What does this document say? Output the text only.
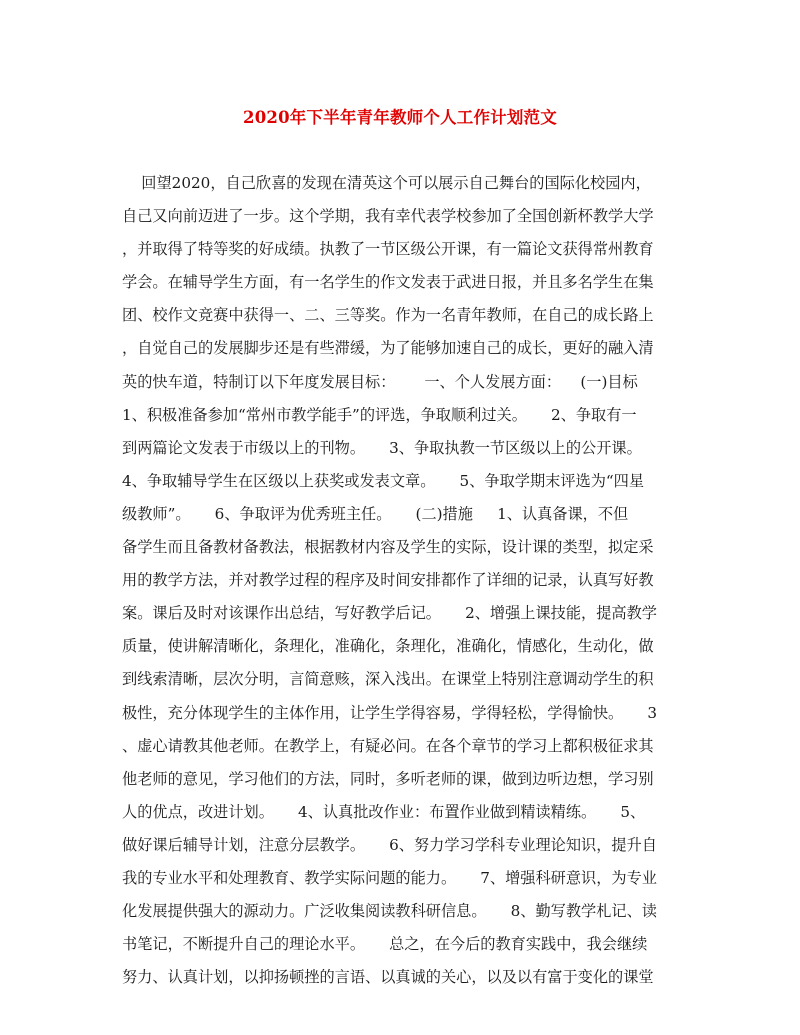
2020年下半年青年教师个人工作计划范文
回望2020，自己欣喜的发现在清英这个可以展示自己舞台的国际化校园内，
自己又向前迈进了一步。这个学期，我有幸代表学校参加了全国创新杯教学大学
，并取得了特等奖的好成绩。执教了一节区级公开课，有一篇论文获得常州教育
学会。在辅导学生方面，有一名学生的作文发表于武进日报，并且多名学生在集
团、校作文竞赛中获得一、二、三等奖。作为一名青年教师，在自己的成长路上
，自觉自己的发展脚步还是有些滞缓，为了能够加速自己的成长，更好的融入清
英的快车道，特制订以下年度发展目标：      一、个人发展方面：    (一)目标
1、积极准备参加“常州市教学能手”的评选，争取顺利过关。     2、争取有一
到两篇论文发表于市级以上的刊物。     3、争取执教一节区级以上的公开课。
4、争取辅导学生在区级以上获奖或发表文章。     5、争取学期末评选为“四星
级教师”。     6、争取评为优秀班主任。     (二)措施     1、认真备课，不但
备学生而且备教材备教法，根据教材内容及学生的实际，设计课的类型，拟定采
用的教学方法，并对教学过程的程序及时间安排都作了详细的记录，认真写好教
案。课后及时对该课作出总结，写好教学后记。     2、增强上课技能，提高教学
质量，使讲解清晰化，条理化，准确化，条理化，准确化，情感化，生动化，做
到线索清晰，层次分明，言简意赅，深入浅出。在课堂上特别注意调动学生的积
极性，充分体现学生的主体作用，让学生学得容易，学得轻松，学得愉快。     3
、虚心请教其他老师。在教学上，有疑必问。在各个章节的学习上都积极征求其
他老师的意见，学习他们的方法，同时，多听老师的课，做到边听边想，学习别
人的优点，改进计划。     4、认真批改作业：布置作业做到精读精练。     5、
做好课后辅导计划，注意分层教学。     6、努力学习学科专业理论知识，提升自
我的专业水平和处理教育、教学实际问题的能力。     7、增强科研意识，为专业
化发展提供强大的源动力。广泛收集阅读教科研信息。     8、勤写教学札记、读
书笔记，不断提升自己的理论水平。     总之，在今后的教育实践中，我会继续
努力、认真计划，以抑扬顿挫的言语、以真诚的关心，以及以有富于变化的课堂
